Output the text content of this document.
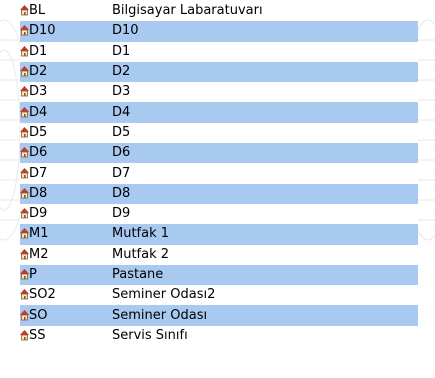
BL	Bilgisayar Labaratuvarı
D10	D10
D1	D1
D2	D2
D3	D3
D4	D4
D5	D5
D6	D6
D7	D7
D8	D8
D9	D9
M1	Mutfak 1
M2	Mutfak 2
P	Pastane
SO2	Seminer Odası2
SO	Seminer Odası
SS	Servis Sınıfı
